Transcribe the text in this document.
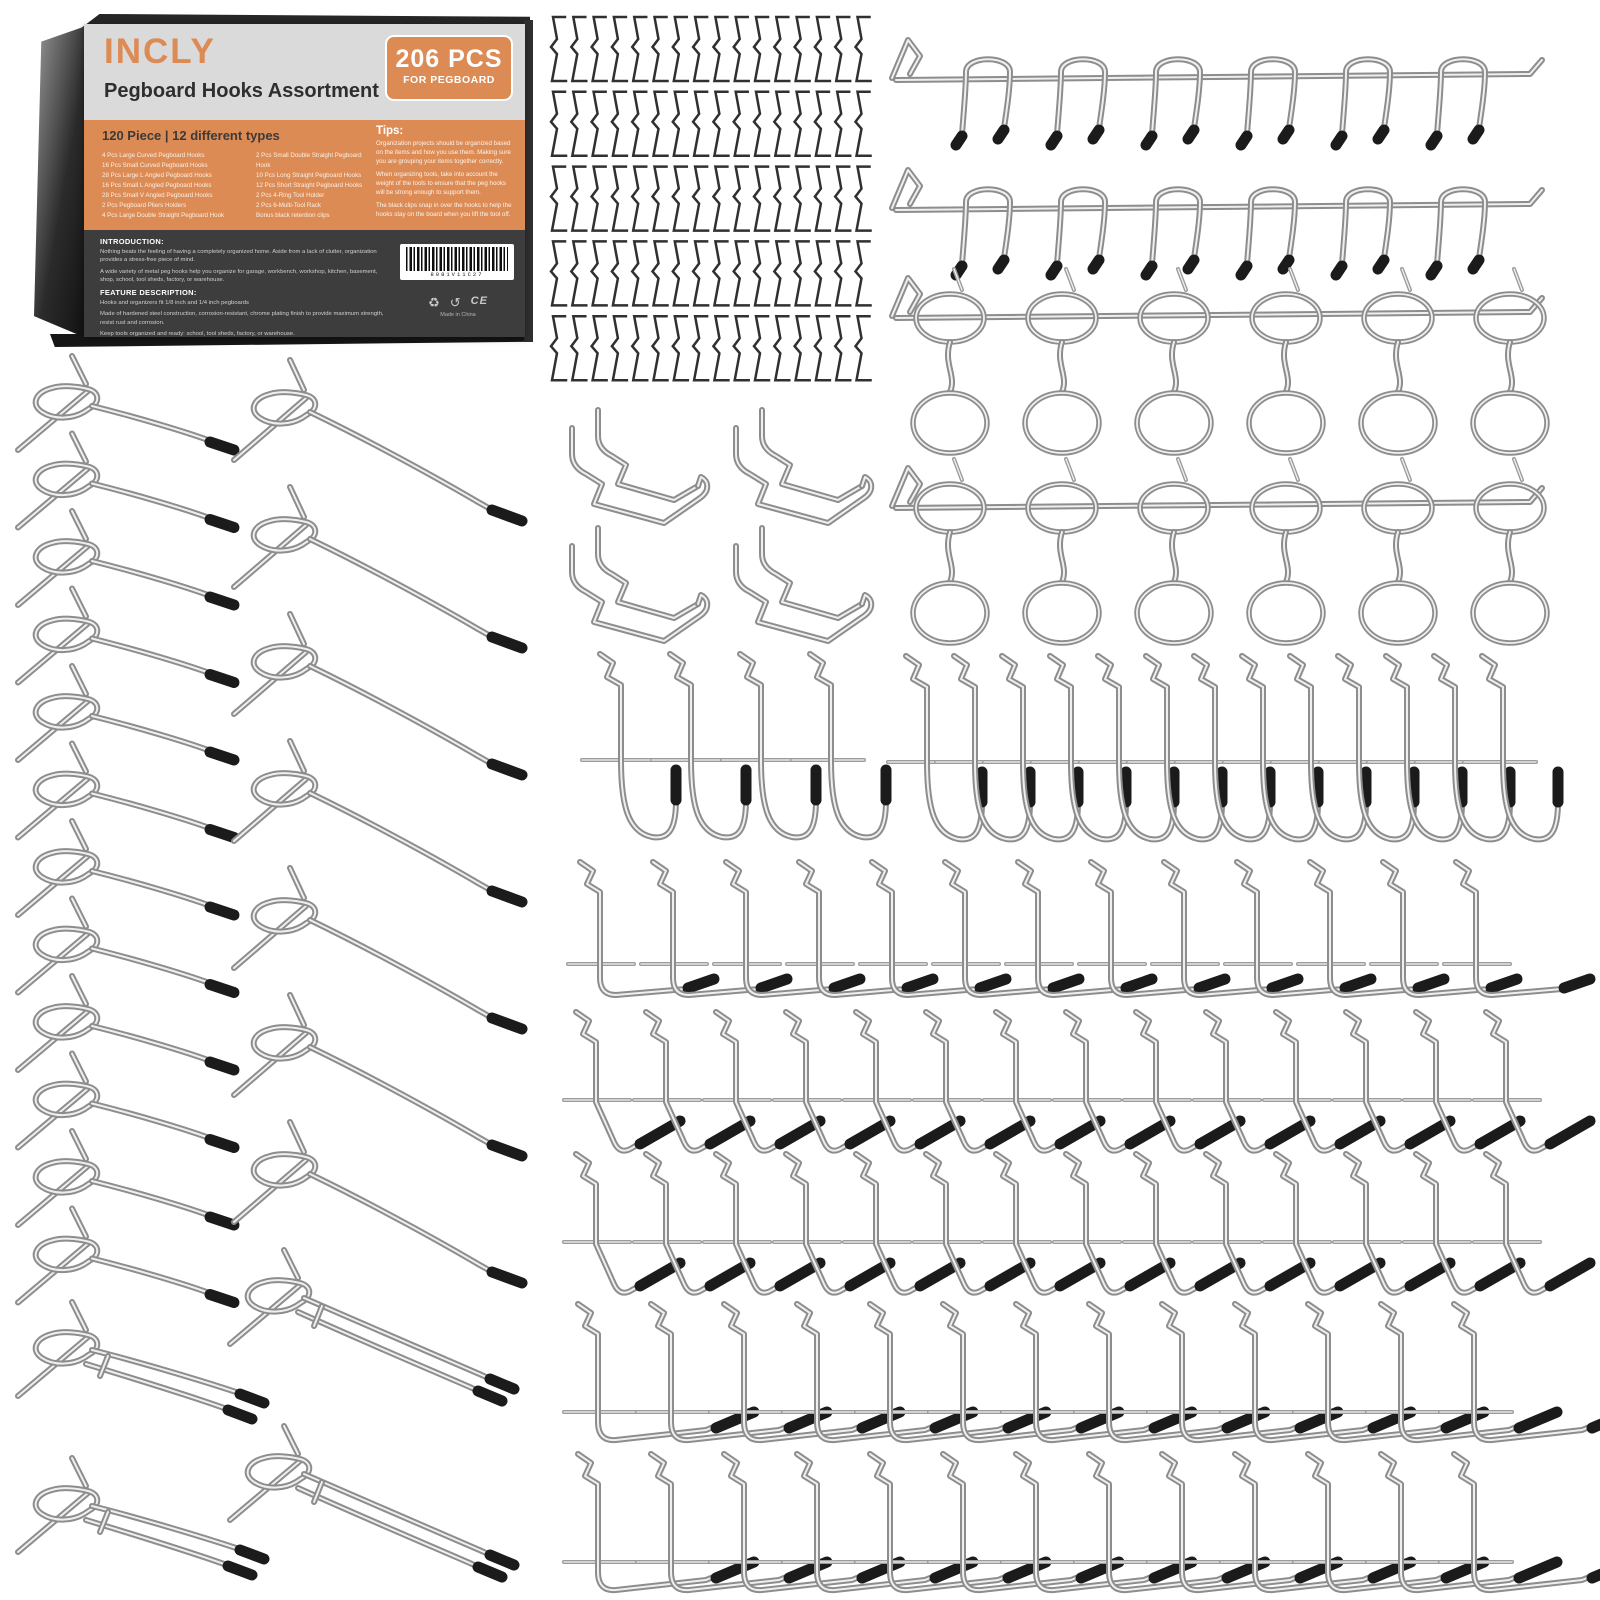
INCLY
Pegboard Hooks Assortment
206 PCS
FOR PEGBOARD
120 Piece | 12 different types
4 Pcs Large Curved Pegboard Hooks
16 Pcs Small Curved Pegboard Hooks
28 Pcs Large L Angled Pegboard Hooks
16 Pcs Small L Angled Pegboard Hooks
28 Pcs Small V Angled Pegboard Hooks
2 Pcs Pegboard Pliers Holders
4 Pcs Large Double Straight Pegboard Hook
2 Pcs Small Double Straight Pegboard Hook
10 Pcs Long Straight Pegboard Hooks
12 Pcs Short Straight Pegboard Hooks
2 Pcs 4-Ring Tool Holder
2 Pcs 6-Multi-Tool Rack
Bonus black retention clips
Tips:

Organization projects should be organized based on the items and how you use them. Making sure you are grouping your items together correctly.

When organizing tools, take into account the weight of the tools to ensure that the peg hooks will be strong enough to support them.

The black clips snap in over the hooks to help the hooks stay on the board when you lift the tool off.

INTRODUCTION:

Nothing beats the feeling of having a completely organized home. Aside from a lack of clutter, organization provides a stress-free piece of mind.

A wide variety of metal peg hooks help you organize for garage, workbench, workshop, kitchen, basement, shop, school, tool sheds, factory, or warehouse.

FEATURE DESCRIPTION:

Hooks and organizers fit 1/8 inch and 1/4 inch pegboards

Made of hardened steel construction, corrosion-resistant, chrome plating finish to provide maximum strength, resist rust and corrosion.

Keep tools organized and ready: school, tool sheds, factory, or warehouse.

8081V11C27
♻ ↺ CE
Made in China
